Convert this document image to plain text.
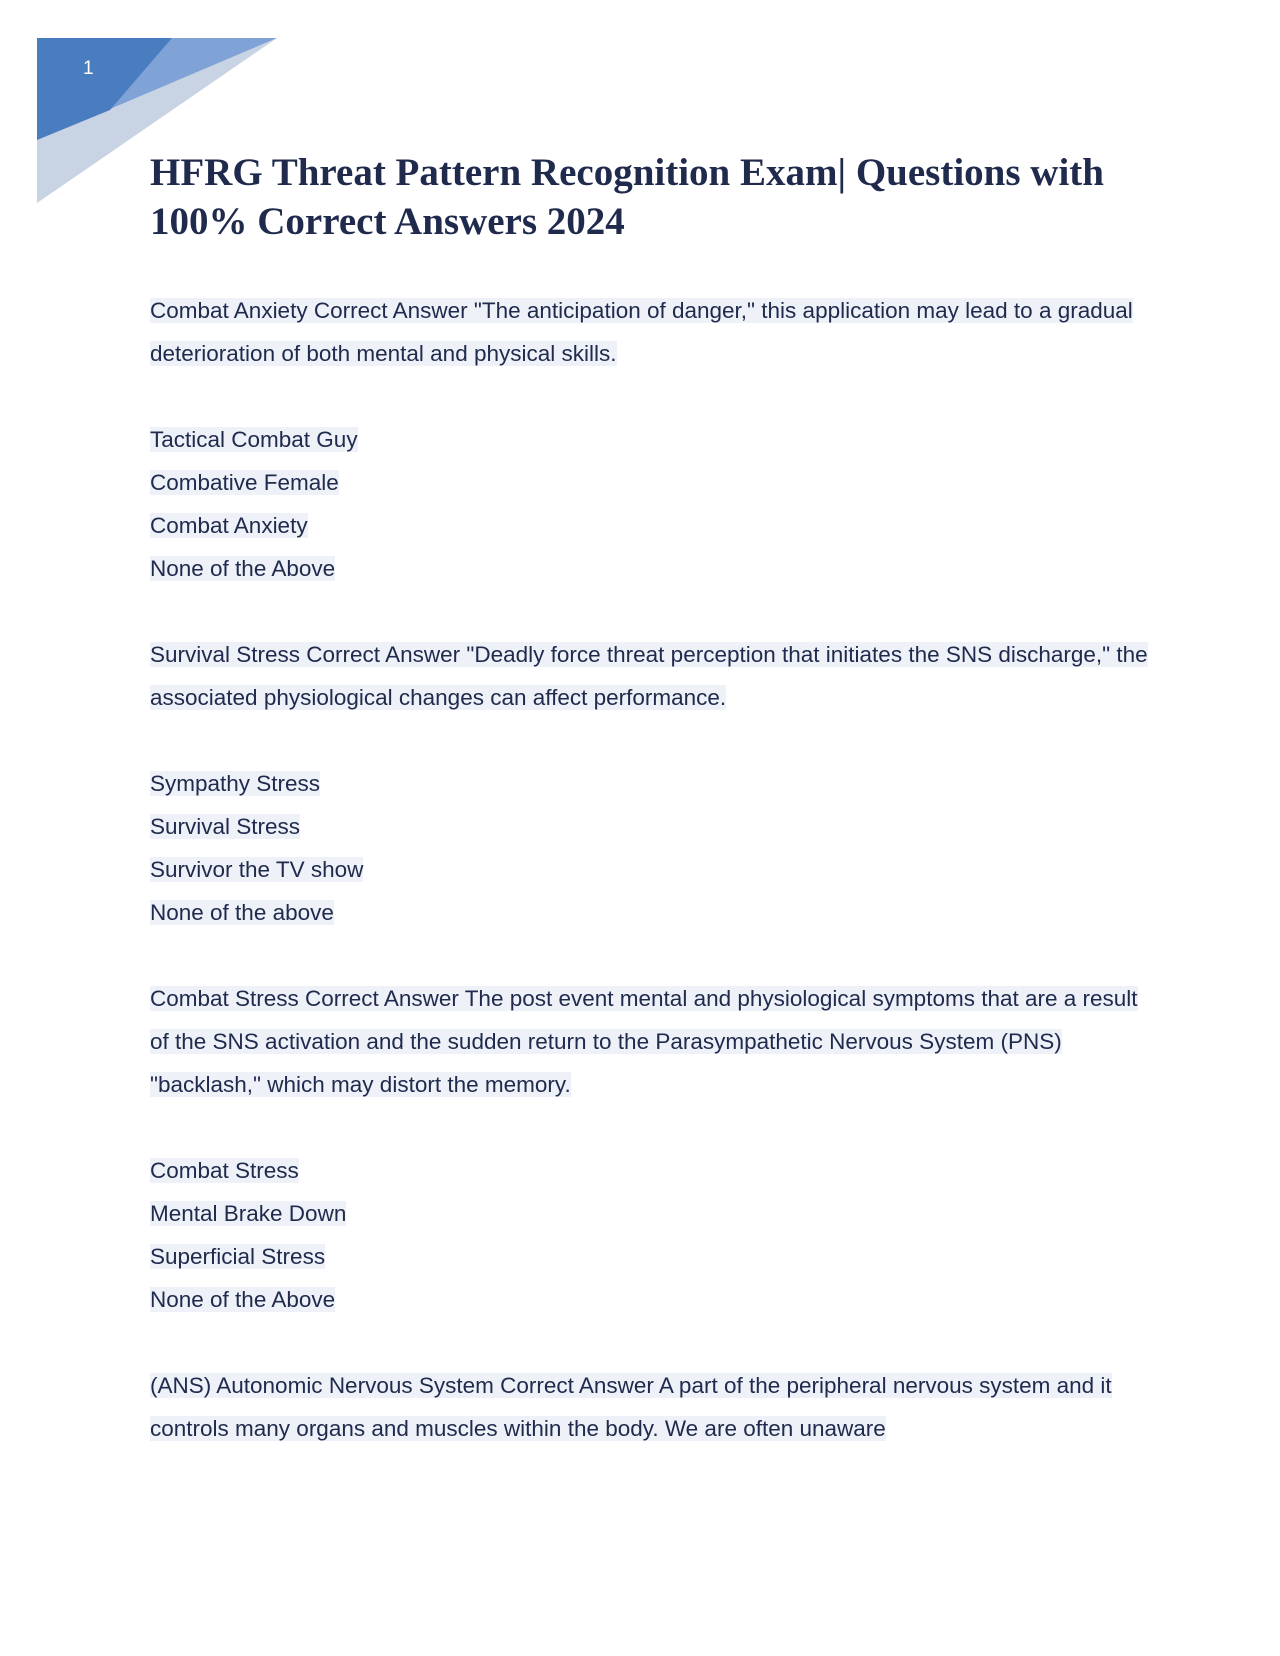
1
HFRG Threat Pattern Recognition Exam| Questions with 100% Correct Answers 2024

Combat Anxiety Correct Answer "The anticipation of danger," this application may lead to a gradual deterioration of both mental and physical skills.

Tactical Combat Guy
Combative Female
Combat Anxiety
None of the Above

Survival Stress Correct Answer "Deadly force threat perception that initiates the SNS discharge," the associated physiological changes can affect performance.

Sympathy Stress
Survival Stress
Survivor the TV show
None of the above

Combat Stress Correct Answer The post event mental and physiological symptoms that are a result of the SNS activation and the sudden return to the Parasympathetic Nervous System (PNS) "backlash," which may distort the memory.

Combat Stress
Mental Brake Down
Superficial Stress
None of the Above

(ANS) Autonomic Nervous System Correct Answer A part of the peripheral nervous system and it controls many organs and muscles within the body. We are often unaware
